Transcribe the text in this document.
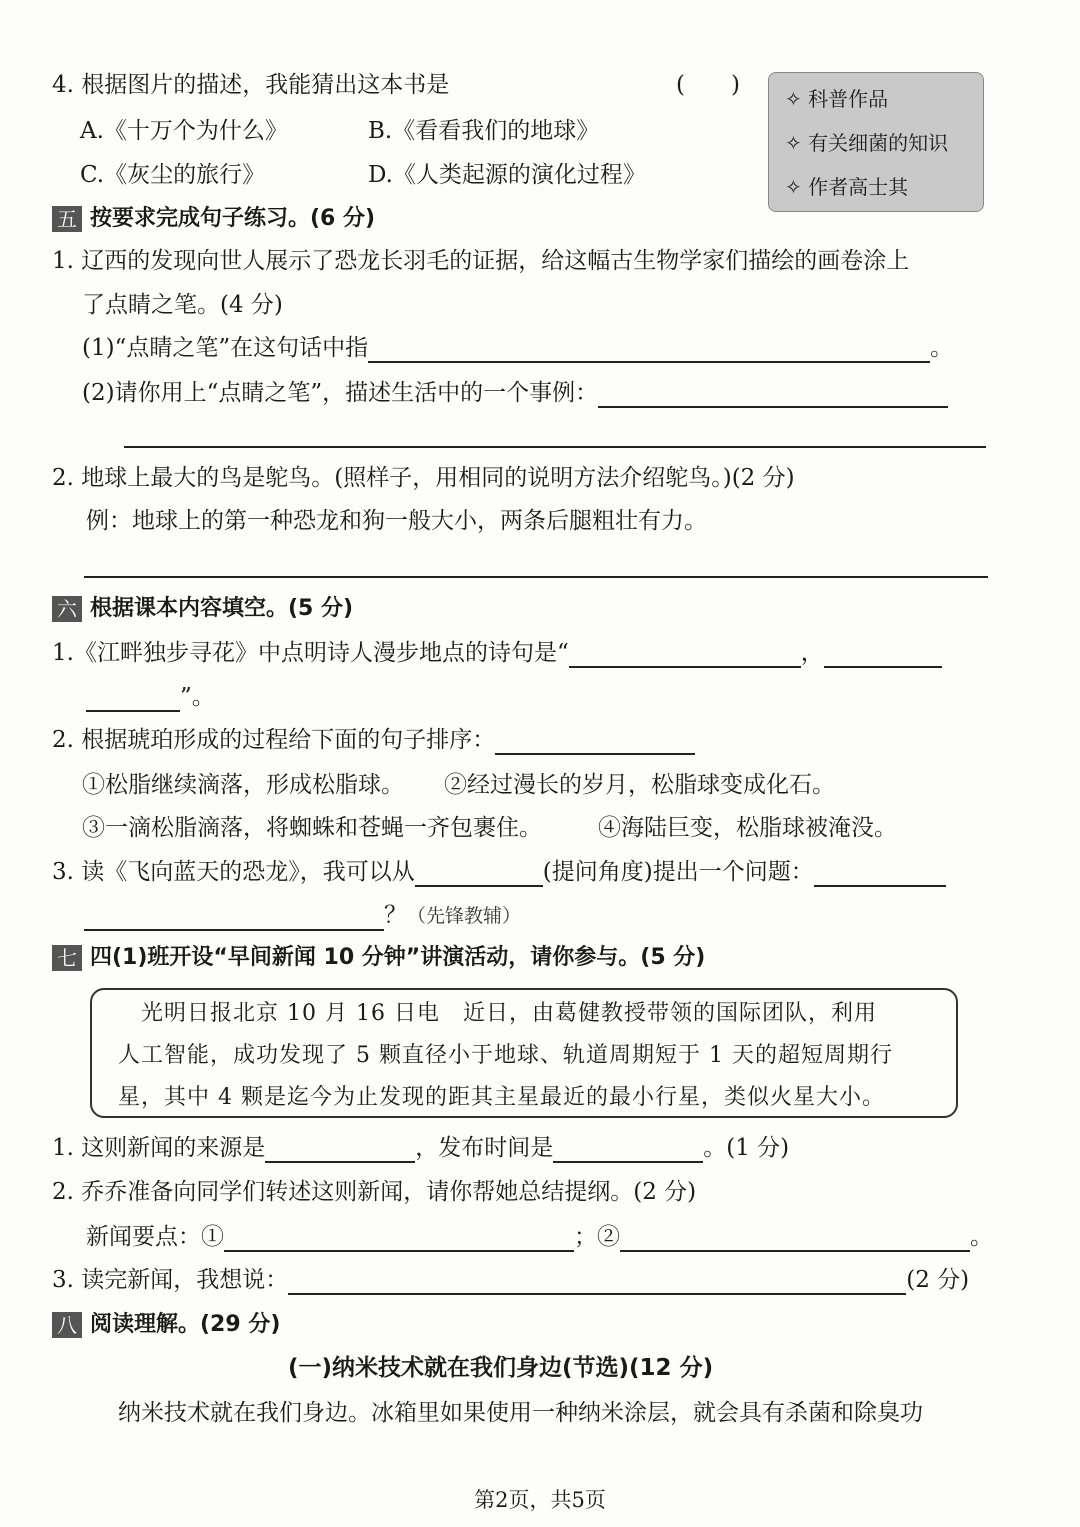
4. 根据图片的描述，我能猜出这本书是	(　　)
A.《十万个为什么》	B.《看看我们的地球》
C.《灰尘的旅行》	D.《人类起源的演化过程》
✧ 科普作品
✧ 有关细菌的知识
✧ 作者高士其
五 按要求完成句子练习。(6 分)
1. 辽西的发现向世人展示了恐龙长羽毛的证据，给这幅古生物学家们描绘的画卷涂上
了点睛之笔。(4 分)
(1)“点睛之笔”在这句话中指	。
(2)请你用上“点睛之笔”，描述生活中的一个事例：
2. 地球上最大的鸟是鸵鸟。(照样子，用相同的说明方法介绍鸵鸟。)(2 分)
例：地球上的第一种恐龙和狗一般大小，两条后腿粗壮有力。
六 根据课本内容填空。(5 分)
1.《江畔独步寻花》中点明诗人漫步地点的诗句是“	，
”。
2. 根据琥珀形成的过程给下面的句子排序：
①松脂继续滴落，形成松脂球。 ②经过漫长的岁月，松脂球变成化石。
③一滴松脂滴落，将蜘蛛和苍蝇一齐包裹住。 ④海陆巨变，松脂球被淹没。
3. 读《飞向蓝天的恐龙》，我可以从	(提问角度)提出一个问题：
？（先锋教辅）
七 四(1)班开设“早间新闻 10 分钟”讲演活动，请你参与。(5 分)
　光明日报北京 10 月 16 日电　近日，由葛健教授带领的国际团队，利用
人工智能，成功发现了 5 颗直径小于地球、轨道周期短于 1 天的超短周期行
星，其中 4 颗是迄今为止发现的距其主星最近的最小行星，类似火星大小。
1. 这则新闻的来源是	，发布时间是	。(1 分)
2. 乔乔准备向同学们转述这则新闻，请你帮她总结提纲。(2 分)
新闻要点：①	；②	。
3. 读完新闻，我想说：	(2 分)
八 阅读理解。(29 分)
(一)纳米技术就在我们身边(节选)(12 分)
纳米技术就在我们身边。冰箱里如果使用一种纳米涂层，就会具有杀菌和除臭功
第2页，共5页
